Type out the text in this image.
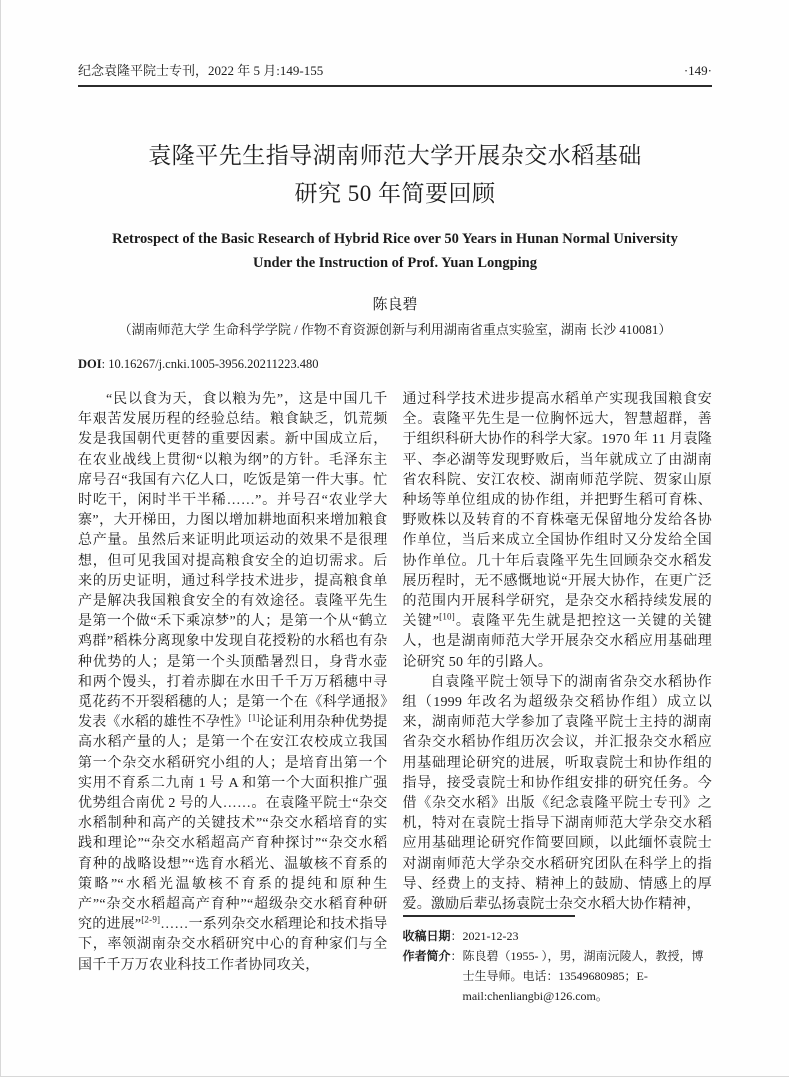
纪念袁隆平院士专刊，2022 年 5 月:149-155	·149·
袁隆平先生指导湖南师范大学开展杂交水稻基础研究 50 年简要回顾
Retrospect of the Basic Research of Hybrid Rice over 50 Years in Hunan Normal University Under the Instruction of Prof. Yuan Longping
陈良碧
（湖南师范大学 生命科学学院 / 作物不育资源创新与利用湖南省重点实验室，湖南 长沙 410081）
DOI: 10.16267/j.cnki.1005-3956.20211223.480

“民以食为天，食以粮为先”，这是中国几千年艰苦发展历程的经验总结。粮食缺乏，饥荒频发是我国朝代更替的重要因素。新中国成立后，在农业战线上贯彻“以粮为纲”的方针。毛泽东主席号召“我国有六亿人口，吃饭是第一件大事。忙时吃干，闲时半干半稀……”。并号召“农业学大寨”，大开梯田，力图以增加耕地面积来增加粮食总产量。虽然后来证明此项运动的效果不是很理想，但可见我国对提高粮食安全的迫切需求。后来的历史证明，通过科学技术进步，提高粮食单产是解决我国粮食安全的有效途径。袁隆平先生是第一个做“禾下乘凉梦”的人；是第一个从“鹤立鸡群”稻株分离现象中发现自花授粉的水稻也有杂种优势的人；是第一个头顶酷暑烈日，身背水壶和两个馒头，打着赤脚在水田千千万万稻穗中寻觅花药不开裂稻穗的人；是第一个在《科学通报》发表《水稻的雄性不孕性》[1]论证利用杂种优势提高水稻产量的人；是第一个在安江农校成立我国第一个杂交水稻研究小组的人；是培育出第一个实用不育系二九南 1 号 A 和第一个大面积推广强优势组合南优 2 号的人……。在袁隆平院士“杂交水稻制种和高产的关键技术”“杂交水稻培育的实践和理论”“杂交水稻超高产育种探讨”“杂交水稻育种的战略设想”“选育水稻光、温敏核不育系的策略”“水稻光温敏核不育系的提纯和原种生产”“杂交水稻超高产育种”“超级杂交水稻育种研究的进展”[2-9]……一系列杂交水稻理论和技术指导下，率领湖南杂交水稻研究中心的育种家们与全国千千万万农业科技工作者协同攻关，

通过科学技术进步提高水稻单产实现我国粮食安全。袁隆平先生是一位胸怀远大，智慧超群，善于组织科研大协作的科学大家。1970 年 11 月袁隆平、李必湖等发现野败后，当年就成立了由湖南省农科院、安江农校、湖南师范学院、贺家山原种场等单位组成的协作组，并把野生稻可育株、野败株以及转育的不育株毫无保留地分发给各协作单位，当后来成立全国协作组时又分发给全国协作单位。几十年后袁隆平先生回顾杂交水稻发展历程时，无不感慨地说“开展大协作，在更广泛的范围内开展科学研究，是杂交水稻持续发展的关键”[10]。袁隆平先生就是把控这一关键的关键人，也是湖南师范大学开展杂交水稻应用基础理论研究 50 年的引路人。

自袁隆平院士领导下的湖南省杂交水稻协作组（1999 年改名为超级杂交稻协作组）成立以来，湖南师范大学参加了袁隆平院士主持的湖南省杂交水稻协作组历次会议，并汇报杂交水稻应用基础理论研究的进展，听取袁院士和协作组的指导，接受袁院士和协作组安排的研究任务。今借《杂交水稻》出版《纪念袁隆平院士专刊》之机，特对在袁院士指导下湖南师范大学杂交水稻应用基础理论研究作简要回顾，以此缅怀袁院士对湖南师范大学杂交水稻研究团队在科学上的指导、经费上的支持、精神上的鼓励、情感上的厚爱。激励后辈弘扬袁院士杂交水稻大协作精神，

收稿日期：2021-12-23

作者简介：陈良碧（1955- ），男，湖南沅陵人，教授，博士生导师。电话：13549680985；E-mail:chenliangbi@126.com。
